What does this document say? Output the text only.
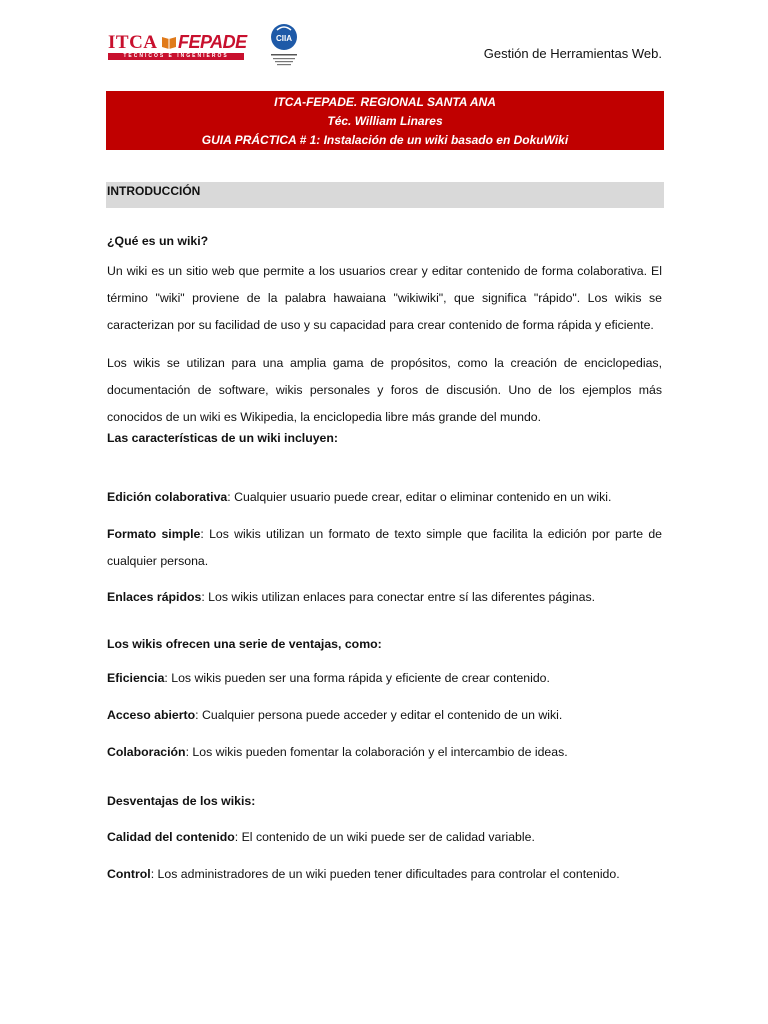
ITCA FEPADE
TÉCNICOS E INGENIEROS
CIIA
Gestión de Herramientas Web.
ITCA-FEPADE. REGIONAL SANTA ANA
Téc. William Linares
GUIA PRÁCTICA # 1: Instalación de un wiki basado en DokuWiki
INTRODUCCIÓN
¿Qué es un wiki?
Un wiki es un sitio web que permite a los usuarios crear y editar contenido de forma colaborativa. El
término "wiki" proviene de la palabra hawaiana "wikiwiki", que significa "rápido". Los wikis se
caracterizan por su facilidad de uso y su capacidad para crear contenido de forma rápida y eficiente.
Los wikis se utilizan para una amplia gama de propósitos, como la creación de enciclopedias,
documentación de software, wikis personales y foros de discusión. Uno de los ejemplos más
conocidos de un wiki es Wikipedia, la enciclopedia libre más grande del mundo.
Las características de un wiki incluyen:
Edición colaborativa: Cualquier usuario puede crear, editar o eliminar contenido en un wiki.
Formato simple: Los wikis utilizan un formato de texto simple que facilita la edición por parte de
cualquier persona.
Enlaces rápidos: Los wikis utilizan enlaces para conectar entre sí las diferentes páginas.
Los wikis ofrecen una serie de ventajas, como:
Eficiencia: Los wikis pueden ser una forma rápida y eficiente de crear contenido.
Acceso abierto: Cualquier persona puede acceder y editar el contenido de un wiki.
Colaboración: Los wikis pueden fomentar la colaboración y el intercambio de ideas.
Desventajas de los wikis:
Calidad del contenido: El contenido de un wiki puede ser de calidad variable.
Control: Los administradores de un wiki pueden tener dificultades para controlar el contenido.
